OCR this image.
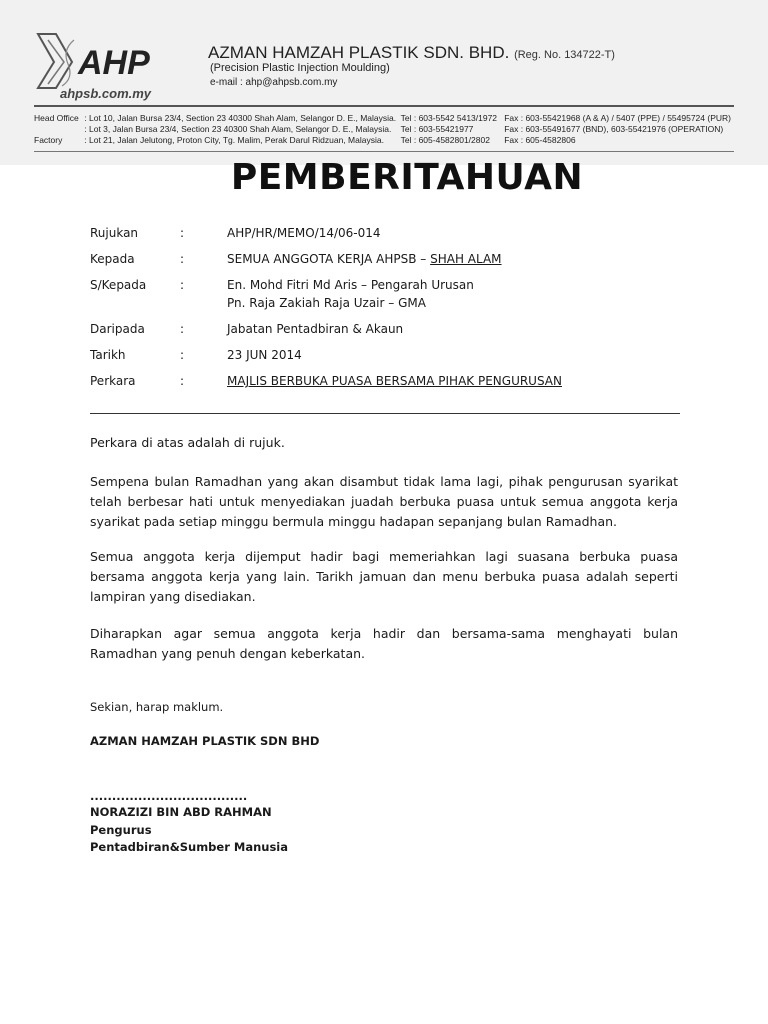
AHP
ahpsb.com.my
AZMAN HAMZAH PLASTIK SDN. BHD. (Reg. No. 134722-T)
(Precision Plastic Injection Moulding)
e-mail : ahp@ahpsb.com.my
Head Office	: Lot 10, Jalan Bursa 23/4, Section 23 40300 Shah Alam, Selangor D. E., Malaysia.	Tel : 603-5542 5413/1972	Fax : 603-55421968 (A & A) / 5407 (PPE) / 55495724 (PUR)
	: Lot 3, Jalan Bursa 23/4, Section 23 40300 Shah Alam, Selangor D. E., Malaysia.	Tel : 603-55421977	Fax : 603-55491677 (BND), 603-55421976 (OPERATION)
Factory	: Lot 21, Jalan Jelutong, Proton City, Tg. Malim, Perak Darul Ridzuan, Malaysia.	Tel : 605-4582801/2802	Fax : 605-4582806
PEMBERITAHUAN
Rujukan	:	AHP/HR/MEMO/14/06-014
Kepada	:	SEMUA ANGGOTA KERJA AHPSB – SHAH ALAM
S/Kepada	:	En. Mohd Fitri Md Aris – Pengarah Urusan
Pn. Raja Zakiah Raja Uzair – GMA
Daripada	:	Jabatan Pentadbiran & Akaun
Tarikh	:	23 JUN 2014
Perkara	:	MAJLIS BERBUKA PUASA BERSAMA PIHAK PENGURUSAN

Perkara di atas adalah di rujuk.

Sempena bulan Ramadhan yang akan disambut tidak lama lagi, pihak pengurusan syarikat telah berbesar hati untuk menyediakan juadah berbuka puasa untuk semua anggota kerja syarikat pada setiap minggu bermula minggu hadapan sepanjang bulan Ramadhan.

Semua anggota kerja dijemput hadir bagi memeriahkan lagi suasana berbuka puasa bersama anggota kerja yang lain. Tarikh jamuan dan menu berbuka puasa adalah seperti lampiran yang disediakan.

Diharapkan agar semua anggota kerja hadir dan bersama-sama menghayati bulan Ramadhan yang penuh dengan keberkatan.

Sekian, harap maklum.
AZMAN HAMZAH PLASTIK SDN BHD
....................................
NORAZIZI BIN ABD RAHMAN
Pengurus
Pentadbiran&Sumber Manusia
